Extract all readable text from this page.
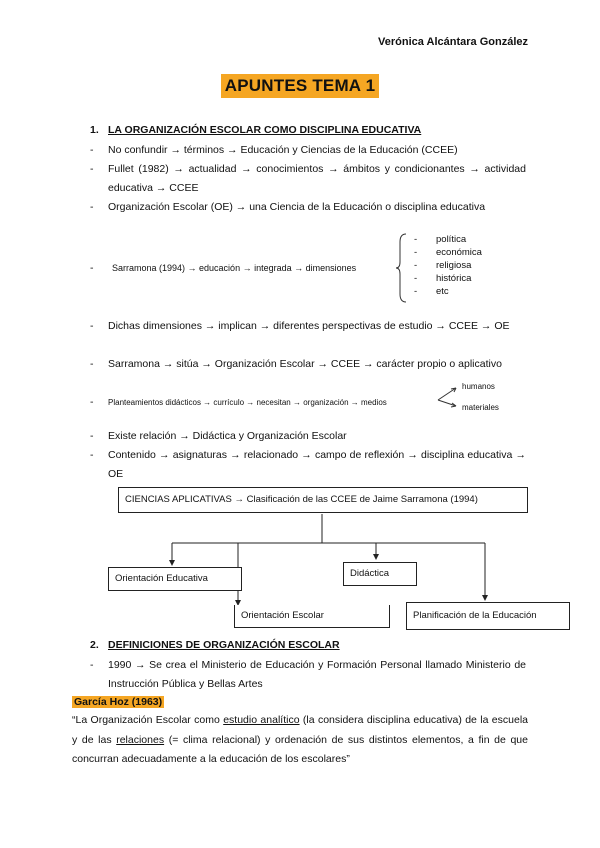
Verónica Alcántara González
APUNTES TEMA 1
1. LA ORGANIZACIÓN ESCOLAR COMO DISCIPLINA EDUCATIVA
- No confundir → términos → Educación y Ciencias de la Educación (CCEE)
- Fullet (1982) → actualidad → conocimientos → ámbitos y condicionantes → actividad educativa → CCEE
- Organización Escolar (OE) → una Ciencia de la Educación o disciplina educativa
- Sarramona (1994) → educación → integrada → dimensiones
- política
- económica
- religiosa
- histórica
- etc
- Dichas dimensiones → implican → diferentes perspectivas de estudio → CCEE → OE
- Sarramona → sitúa → Organización Escolar → CCEE → carácter propio o aplicativo
- Planteamientos didácticos → currículo → necesitan → organización → medios
humanos
materiales
- Existe relación → Didáctica y Organización Escolar
- Contenido → asignaturas → relacionado → campo de reflexión → disciplina educativa → OE
CIENCIAS APLICATIVAS → Clasificación de las CCEE de Jaime Sarramona (1994)
Orientación Educativa
Orientación Escolar
Didáctica
Planificación de la Educación
2. DEFINICIONES DE ORGANIZACIÓN ESCOLAR
- 1990 → Se crea el Ministerio de Educación y Formación Personal llamado Ministerio de Instrucción Pública y Bellas Artes
García Hoz (1963)
“La Organización Escolar como estudio analítico (la considera disciplina educativa) de la escuela y de las relaciones (= clima relacional) y ordenación de sus distintos elementos, a fin de que concurran adecuadamente a la educación de los escolares”
